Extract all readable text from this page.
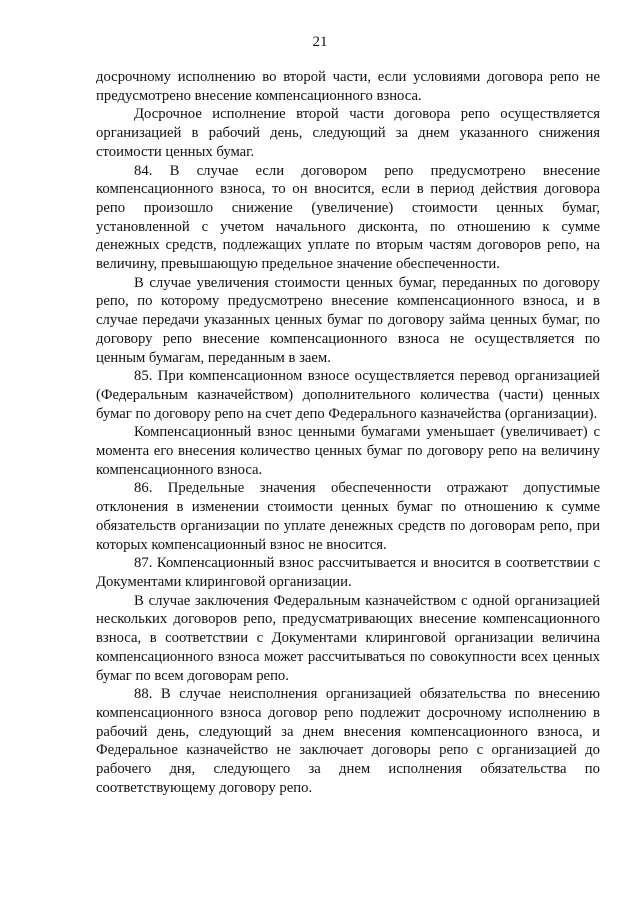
21

досрочному исполнению во второй части, если условиями договора репо не предусмотрено внесение компенсационного взноса.

Досрочное исполнение второй части договора репо осуществляется организацией в рабочий день, следующий за днем указанного снижения стоимости ценных бумаг.

84. В случае если договором репо предусмотрено внесение компенсационного взноса, то он вносится, если в период действия договора репо произошло снижение (увеличение) стоимости ценных бумаг, установленной с учетом начального дисконта, по отношению к сумме денежных средств, подлежащих уплате по вторым частям договоров репо, на величину, превышающую предельное значение обеспеченности.

В случае увеличения стоимости ценных бумаг, переданных по договору репо, по которому предусмотрено внесение компенсационного взноса, и в случае передачи указанных ценных бумаг по договору займа ценных бумаг, по договору репо внесение компенсационного взноса не осуществляется по ценным бумагам, переданным в заем.

85. При компенсационном взносе осуществляется перевод организацией (Федеральным казначейством) дополнительного количества (части) ценных бумаг по договору репо на счет депо Федерального казначейства (организации).

Компенсационный взнос ценными бумагами уменьшает (увеличивает) с момента его внесения количество ценных бумаг по договору репо на величину компенсационного взноса.

86. Предельные значения обеспеченности отражают допустимые отклонения в изменении стоимости ценных бумаг по отношению к сумме обязательств организации по уплате денежных средств по договорам репо, при которых компенсационный взнос не вносится.

87. Компенсационный взнос рассчитывается и вносится в соответствии с Документами клиринговой организации.

В случае заключения Федеральным казначейством с одной организацией нескольких договоров репо, предусматривающих внесение компенсационного взноса, в соответствии с Документами клиринговой организации величина компенсационного взноса может рассчитываться по совокупности всех ценных бумаг по всем договорам репо.

88. В случае неисполнения организацией обязательства по внесению компенсационного взноса договор репо подлежит досрочному исполнению в рабочий день, следующий за днем внесения компенсационного взноса, и Федеральное казначейство не заключает договоры репо с организацией до рабочего дня, следующего за днем исполнения обязательства по соответствующему договору репо.
